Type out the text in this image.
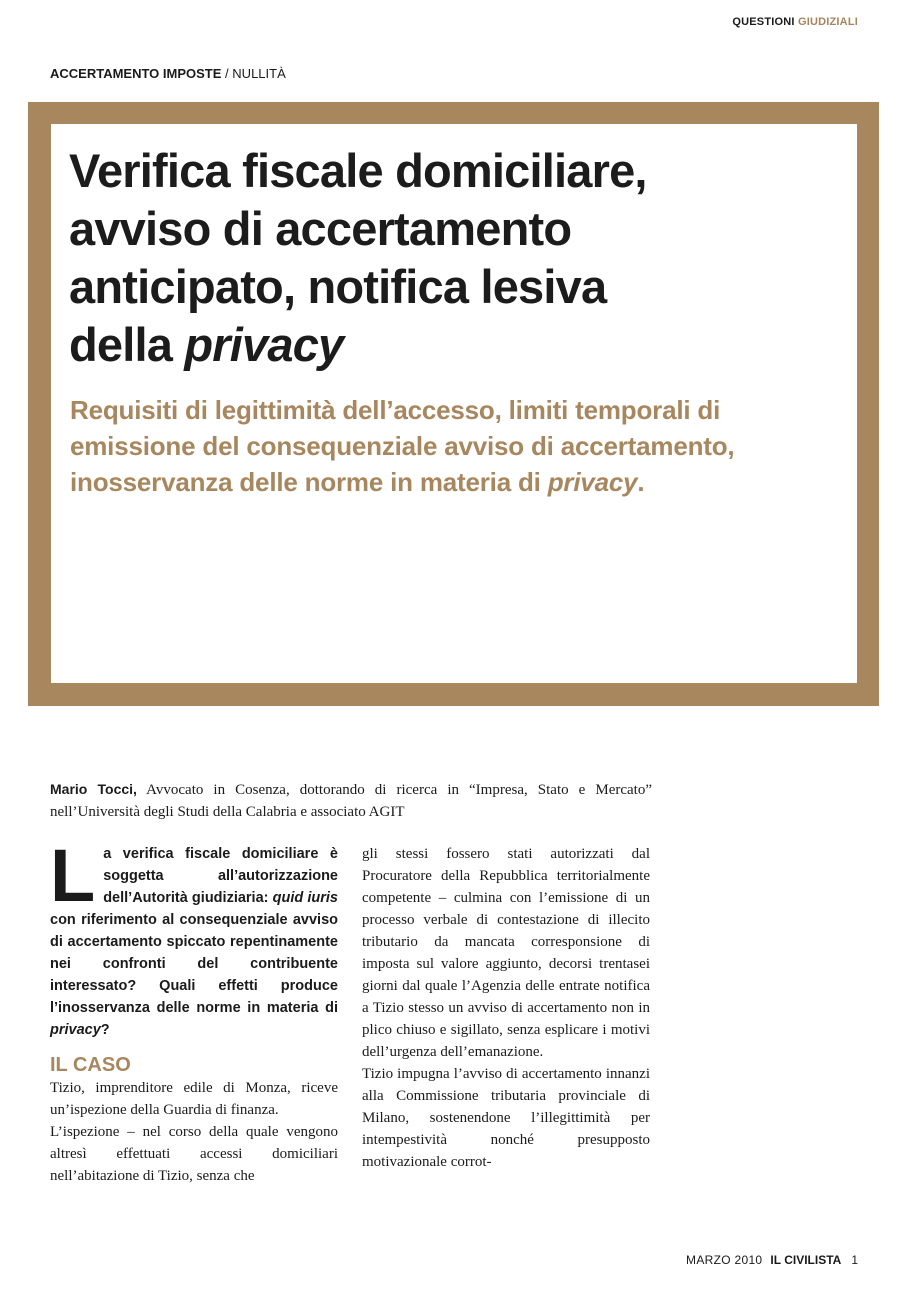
QUESTIONI GIUDIZIALI
ACCERTAMENTO IMPOSTE / NULLITÀ
Verifica fiscale domiciliare,
avviso di accertamento
anticipato, notifica lesiva
della privacy

Requisiti di legittimità dell’accesso, limiti temporali di emissione del consequenziale avviso di accertamento, inosservanza delle norme in materia di privacy.

Mario Tocci, Avvocato in Cosenza, dottorando di ricerca in “Impresa, Stato e Mercato” nell’Università degli Studi della Calabria e associato AGIT

La verifica fiscale domiciliare è soggetta all’autorizzazione dell’Autorità giudiziaria: quid iuris con riferimento al consequenziale avviso di accertamento spiccato repentinamente nei confronti del contribuente interessato? Quali effetti produce l’inosservanza delle norme in materia di privacy?

IL CASO

Tizio, imprenditore edile di Monza, riceve un’ispezione della Guardia di finanza.

L’ispezione – nel corso della quale vengono altresì effettuati accessi domiciliari nell’abitazione di Tizio, senza che

gli stessi fossero stati autorizzati dal Procuratore della Repubblica territorialmente competente – culmina con l’emissione di un processo verbale di contestazione di illecito tributario da mancata corresponsione di imposta sul valore aggiunto, decorsi trentasei giorni dal quale l’Agenzia delle entrate notifica a Tizio stesso un avviso di accertamento non in plico chiuso e sigillato, senza esplicare i motivi dell’urgenza dell’emanazione.

Tizio impugna l’avviso di accertamento innanzi alla Commissione tributaria provinciale di Milano, sostenendone l’illegittimità per intempestività nonché presupposto motivazionale corrot-

MARZO 2010 IL CIVILISTA 1
